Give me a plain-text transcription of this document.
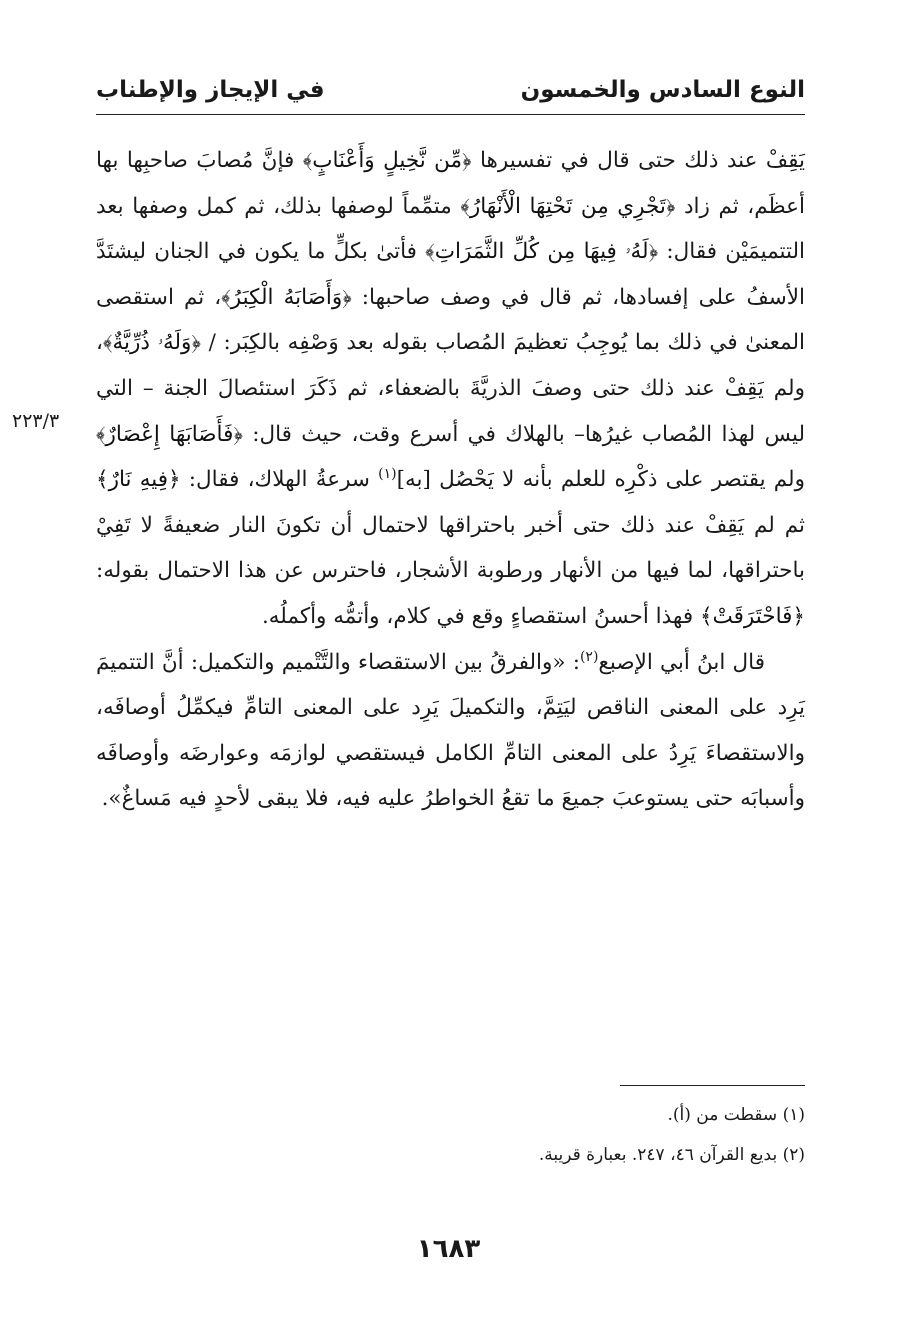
النوع السادس والخمسون
في الإيجاز والإطناب

يَقِفْ عند ذلك حتى قال في تفسيرها ﴿مِّن نَّخِيلٍ وَأَعْنَابٍ﴾ فإنَّ مُصابَ صاحبِها بها أعظَم، ثم زاد ﴿تَجْرِي مِن تَحْتِهَا الْأَنْهَارُ﴾ متمِّماً لوصفها بذلك، ثم كمل وصفها بعد التتميمَيْن فقال: ﴿لَهُۥ فِيهَا مِن كُلِّ الثَّمَرَاتِ﴾ فأتىٰ بكلٍّ ما يكون في الجنان ليشتَدَّ الأسفُ على إفسادها، ثم قال في وصف صاحبها: ﴿وَأَصَابَهُ الْكِبَرُ﴾، ثم استقصى المعنىٰ في ذلك بما يُوجِبُ تعظيمَ المُصاب بقوله بعد وَصْفِه بالكِبَر: / ﴿وَلَهُۥ ذُرِّيَّةٌ﴾، ولم يَقِفْ عند ذلك حتى وصفَ الذريَّةَ بالضعفاء، ثم ذَكَرَ استئصالَ الجنة – التي ليس لهذا المُصاب غيرُها– بالهلاك في أسرع وقت، حيث قال: ﴿فَأَصَابَهَا إِعْصَارٌ﴾ ولم يقتصر على ذكْرِه للعلم بأنه لا يَحْصُل [به]$^{(١)}$ سرعةُ الهلاك، فقال: ﴿فِيهِ نَارٌ﴾ ثم لم يَقِفْ عند ذلك حتى أخبر باحتراقها لاحتمال أن تكونَ النار ضعيفةً لا تَفِيْ باحتراقها، لما فيها من الأنهار ورطوبة الأشجار، فاحترس عن هذا الاحتمال بقوله: ﴿فَاحْتَرَقَتْ﴾ فهذا أحسنُ استقصاءٍ وقع في كلام، وأتمُّه وأكملُه.

قال ابنُ أبي الإصبع$^{(٢)}$: «والفرقُ بين الاستقصاء والتَّتْميم والتكميل: أنَّ التتميمَ يَرِد على المعنى الناقص ليَتِمَّ، والتكميلَ يَرِد على المعنى التامِّ فيكمِّلُ أوصافَه، والاستقصاءَ يَرِدُ على المعنى التامِّ الكامل فيستقصي لوازمَه وعوارضَه وأوصافَه وأسبابَه حتى يستوعبَ جميعَ ما تقعُ الخواطرُ عليه فيه، فلا يبقى لأحدٍ فيه مَساغٌ».

٢٢٣/٣
(١) سقطت من (أ).
(٢) بديع القرآن ٤٦، ٢٤٧. بعبارة قريبة.
١٦٨٣
